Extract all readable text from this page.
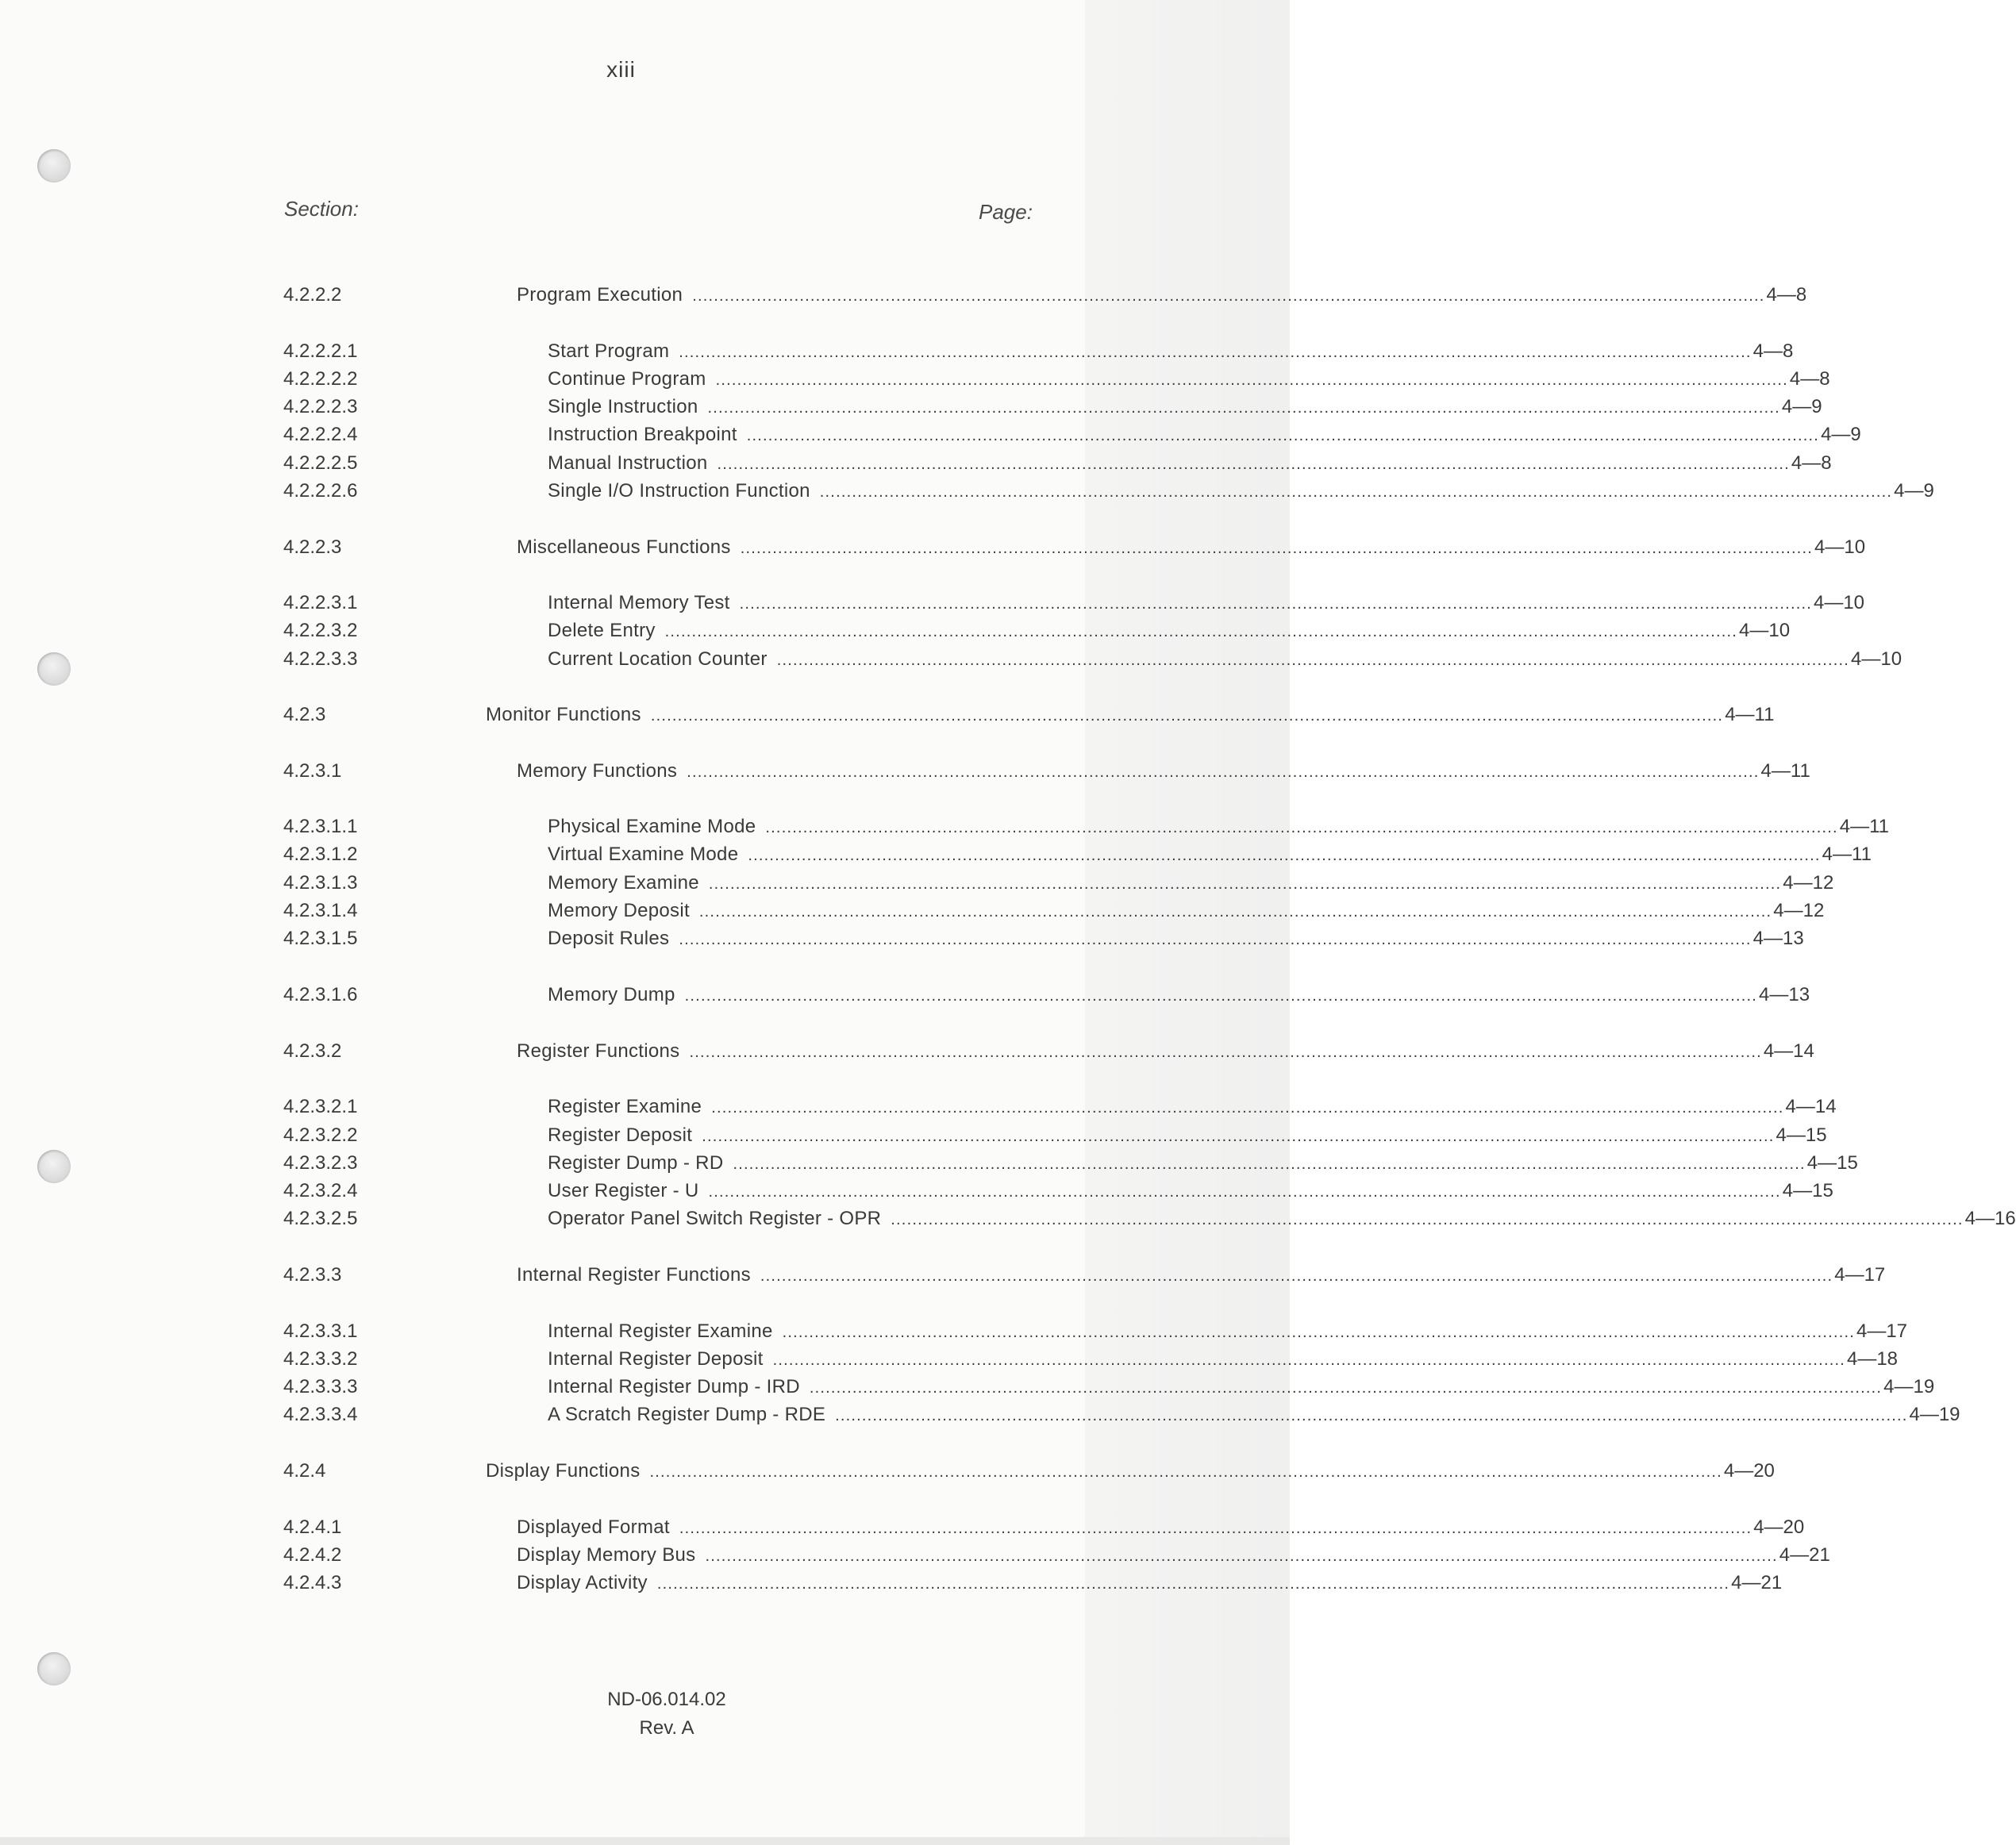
xiii
Section:	Page:
4.2.2.2	Program Execution ........................................................................................................................................................................................................ 4—8
4.2.2.2.1	Start Program ........................................................................................................................................................................................................ 4—8
4.2.2.2.2	Continue Program ........................................................................................................................................................................................................ 4—8
4.2.2.2.3	Single Instruction ........................................................................................................................................................................................................ 4—9
4.2.2.2.4	Instruction Breakpoint ........................................................................................................................................................................................................ 4—9
4.2.2.2.5	Manual Instruction ........................................................................................................................................................................................................ 4—8
4.2.2.2.6	Single I/O Instruction Function ........................................................................................................................................................................................................ 4—9
4.2.2.3	Miscellaneous Functions ........................................................................................................................................................................................................ 4—10
4.2.2.3.1	Internal Memory Test ........................................................................................................................................................................................................ 4—10
4.2.2.3.2	Delete Entry ........................................................................................................................................................................................................ 4—10
4.2.2.3.3	Current Location Counter ........................................................................................................................................................................................................ 4—10
4.2.3	Monitor Functions ........................................................................................................................................................................................................ 4—11
4.2.3.1	Memory Functions ........................................................................................................................................................................................................ 4—11
4.2.3.1.1	Physical Examine Mode ........................................................................................................................................................................................................ 4—11
4.2.3.1.2	Virtual Examine Mode ........................................................................................................................................................................................................ 4—11
4.2.3.1.3	Memory Examine ........................................................................................................................................................................................................ 4—12
4.2.3.1.4	Memory Deposit ........................................................................................................................................................................................................ 4—12
4.2.3.1.5	Deposit Rules ........................................................................................................................................................................................................ 4—13
4.2.3.1.6	Memory Dump ........................................................................................................................................................................................................ 4—13
4.2.3.2	Register Functions ........................................................................................................................................................................................................ 4—14
4.2.3.2.1	Register Examine ........................................................................................................................................................................................................ 4—14
4.2.3.2.2	Register Deposit ........................................................................................................................................................................................................ 4—15
4.2.3.2.3	Register Dump - RD ........................................................................................................................................................................................................ 4—15
4.2.3.2.4	User Register - U ........................................................................................................................................................................................................ 4—15
4.2.3.2.5	Operator Panel Switch Register - OPR ........................................................................................................................................................................................................ 4—16
4.2.3.3	Internal Register Functions ........................................................................................................................................................................................................ 4—17
4.2.3.3.1	Internal Register Examine ........................................................................................................................................................................................................ 4—17
4.2.3.3.2	Internal Register Deposit ........................................................................................................................................................................................................ 4—18
4.2.3.3.3	Internal Register Dump - IRD ........................................................................................................................................................................................................ 4—19
4.2.3.3.4	A Scratch Register Dump - RDE ........................................................................................................................................................................................................ 4—19
4.2.4	Display Functions ........................................................................................................................................................................................................ 4—20
4.2.4.1	Displayed Format ........................................................................................................................................................................................................ 4—20
4.2.4.2	Display Memory Bus ........................................................................................................................................................................................................ 4—21
4.2.4.3	Display Activity ........................................................................................................................................................................................................ 4—21
ND-06.014.02
Rev. A
